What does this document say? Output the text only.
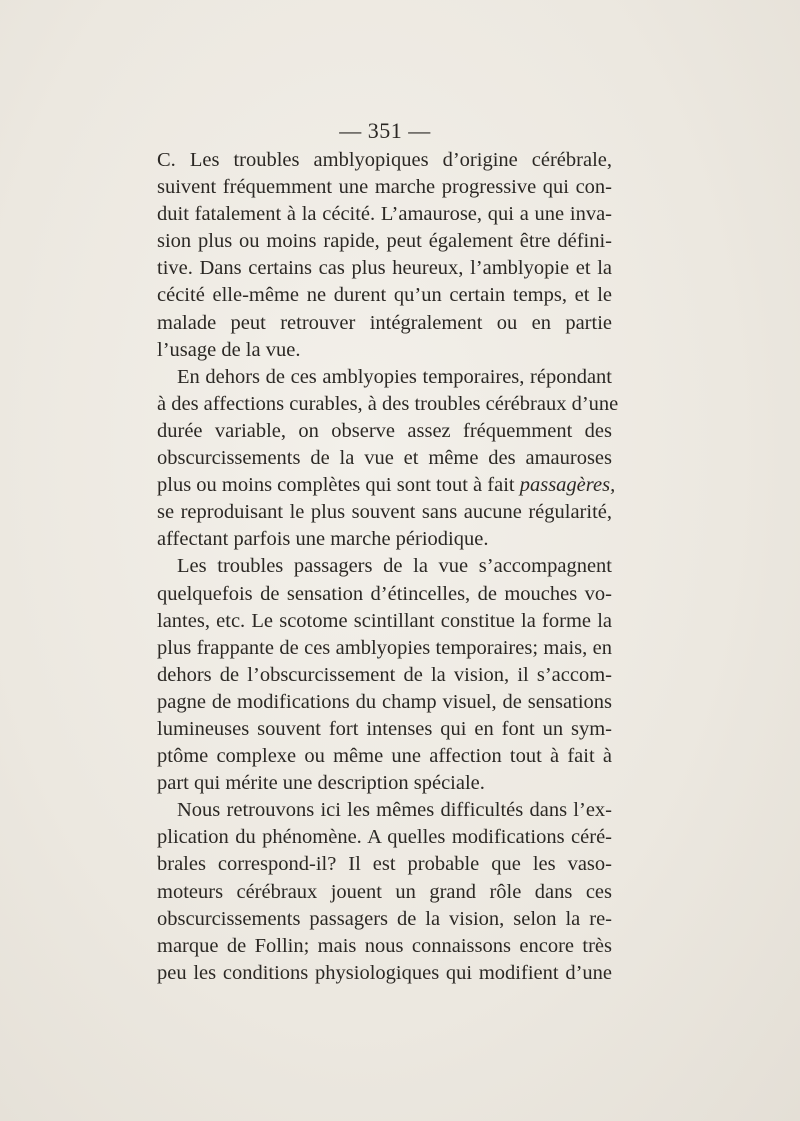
— 351 —
C. Les troubles amblyopiques d’origine cérébrale,
suivent fréquemment une marche progressive qui con-
duit fatalement à la cécité. L’amaurose, qui a une inva-
sion plus ou moins rapide, peut également être défini-
tive. Dans certains cas plus heureux, l’amblyopie et la
cécité elle-même ne durent qu’un certain temps, et le
malade peut retrouver intégralement ou en partie
l’usage de la vue.
En dehors de ces amblyopies temporaires, répondant
à des affections curables, à des troubles cérébraux d’une
durée variable, on observe assez fréquemment des
obscurcissements de la vue et même des amauroses
plus ou moins complètes qui sont tout à fait passagères,
se reproduisant le plus souvent sans aucune régularité,
affectant parfois une marche périodique.
Les troubles passagers de la vue s’accompagnent
quelquefois de sensation d’étincelles, de mouches vo-
lantes, etc. Le scotome scintillant constitue la forme la
plus frappante de ces amblyopies temporaires; mais, en
dehors de l’obscurcissement de la vision, il s’accom-
pagne de modifications du champ visuel, de sensations
lumineuses souvent fort intenses qui en font un sym-
ptôme complexe ou même une affection tout à fait à
part qui mérite une description spéciale.
Nous retrouvons ici les mêmes difficultés dans l’ex-
plication du phénomène. A quelles modifications céré-
brales correspond-il? Il est probable que les vaso-
moteurs cérébraux jouent un grand rôle dans ces
obscurcissements passagers de la vision, selon la re-
marque de Follin; mais nous connaissons encore très
peu les conditions physiologiques qui modifient d’une
